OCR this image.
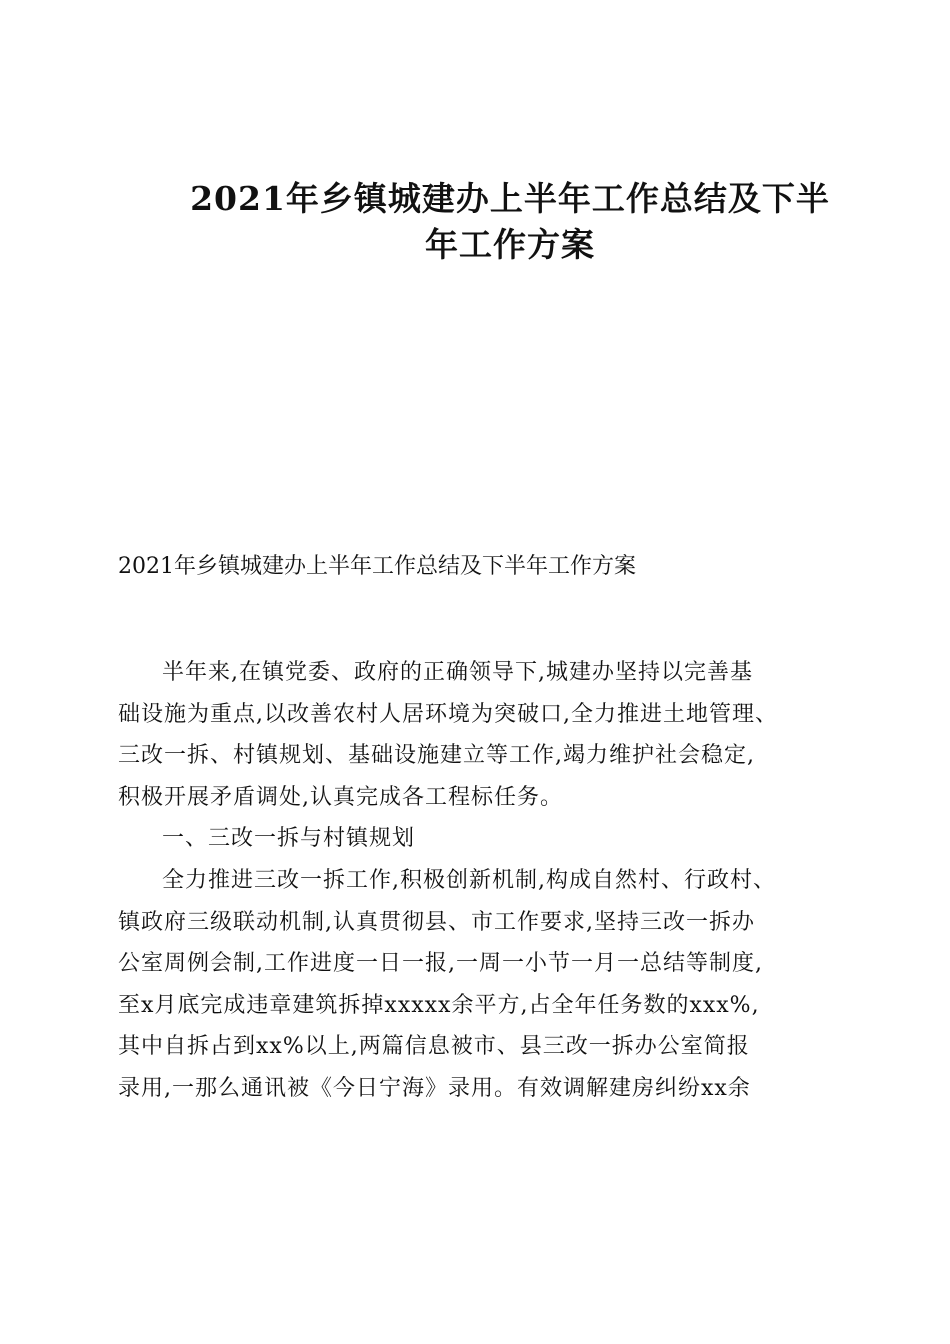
2021年乡镇城建办上半年工作总结及下半
年工作方案
2021年乡镇城建办上半年工作总结及下半年工作方案

半年来,在镇党委、政府的正确领导下,城建办坚持以完善基
础设施为重点,以改善农村人居环境为突破口,全力推进土地管理、
三改一拆、村镇规划、基础设施建立等工作,竭力维护社会稳定,
积极开展矛盾调处,认真完成各工程标任务。

一、三改一拆与村镇规划

全力推进三改一拆工作,积极创新机制,构成自然村、行政村、
镇政府三级联动机制,认真贯彻县、市工作要求,坚持三改一拆办
公室周例会制,工作进度一日一报,一周一小节一月一总结等制度,
至x月底完成违章建筑拆掉xxxxx余平方,占全年任务数的xxx%,
其中自拆占到xx%以上,两篇信息被市、县三改一拆办公室简报
录用,一那么通讯被《今日宁海》录用。有效调解建房纠纷xx余
